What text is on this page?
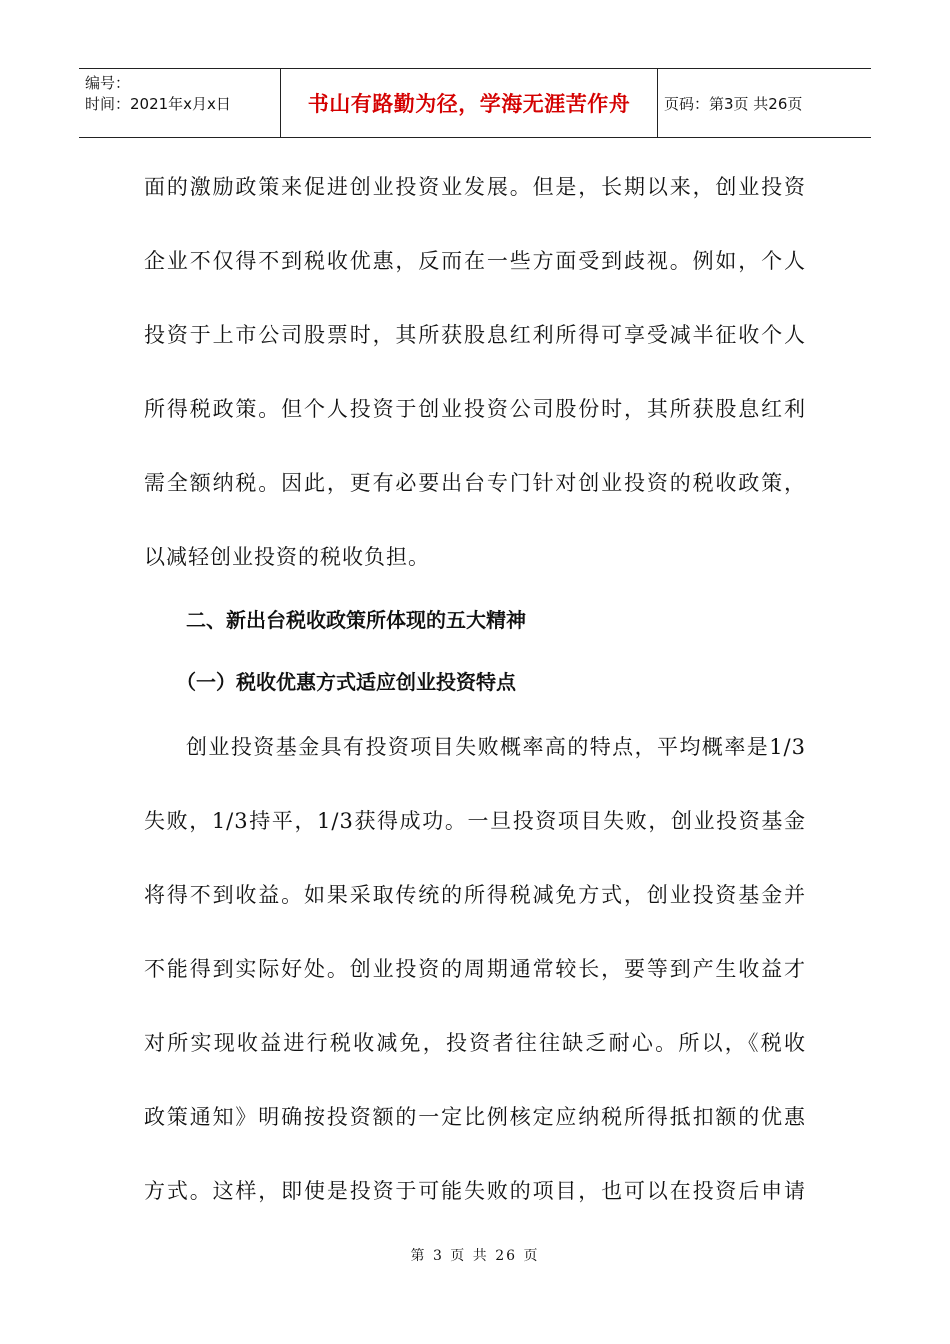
编号：
时间：2021年x月x日	书山有路勤为径，学海无涯苦作舟 页码：第3页 共26页
面的激励政策来促进创业投资业发展。但是，长期以来，创业投资
企业不仅得不到税收优惠，反而在一些方面受到歧视。例如，个人
投资于上市公司股票时，其所获股息红利所得可享受减半征收个人
所得税政策。但个人投资于创业投资公司股份时，其所获股息红利
需全额纳税。因此，更有必要出台专门针对创业投资的税收政策，
以减轻创业投资的税收负担。
二、新出台税收政策所体现的五大精神
（一）税收优惠方式适应创业投资特点
创业投资基金具有投资项目失败概率高的特点，平均概率是1/3
失败，1/3持平，1/3获得成功。一旦投资项目失败，创业投资基金
将得不到收益。如果采取传统的所得税减免方式，创业投资基金并
不能得到实际好处。创业投资的周期通常较长，要等到产生收益才
对所实现收益进行税收减免，投资者往往缺乏耐心。所以，《税收
政策通知》明确按投资额的一定比例核定应纳税所得抵扣额的优惠
方式。这样，即使是投资于可能失败的项目，也可以在投资后申请
第 3 页 共 26 页
